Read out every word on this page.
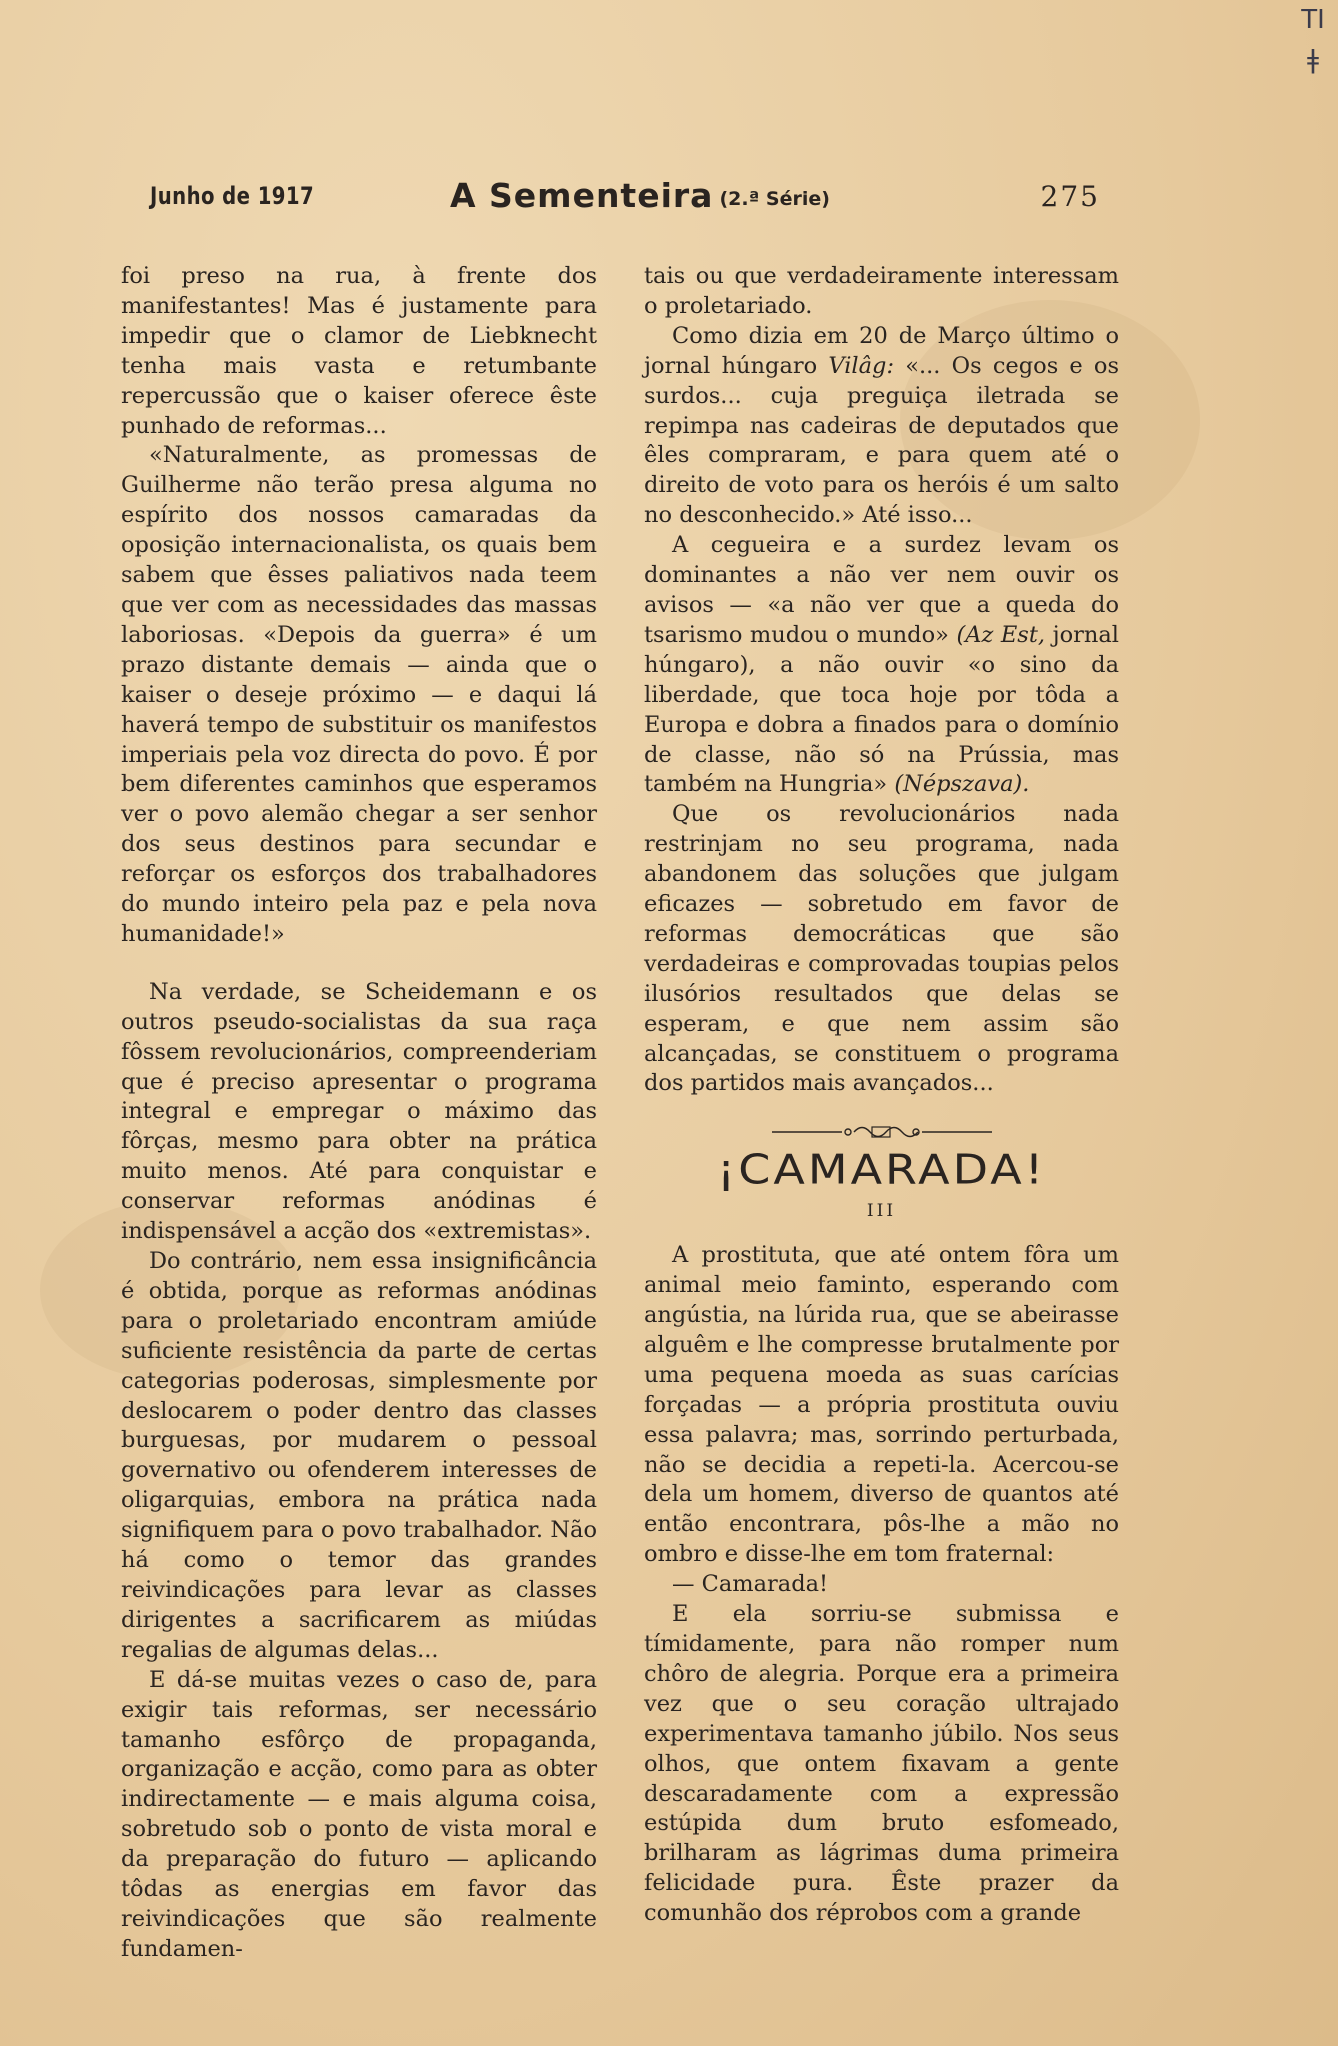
TI
ǂ
Junho de 1917	A Sementeira (2.ª Série)	275

foi preso na rua, à frente dos manifestantes! Mas é justamente para impedir que o clamor de Liebknecht tenha mais vasta e retumbante repercussão que o kaiser oferece êste punhado de reformas...

«Naturalmente, as promessas de Guilherme não terão presa alguma no espírito dos nossos camaradas da oposição internacionalista, os quais bem sabem que êsses paliativos nada teem que ver com as necessidades das massas laboriosas. «Depois da guerra» é um prazo distante demais — ainda que o kaiser o deseje próximo — e daqui lá haverá tempo de substituir os manifestos imperiais pela voz directa do povo. É por bem diferentes caminhos que esperamos ver o povo alemão chegar a ser senhor dos seus destinos para secundar e reforçar os esforços dos trabalhadores do mundo inteiro pela paz e pela nova humanidade!»

Na verdade, se Scheidemann e os outros pseudo-socialistas da sua raça fôssem revolucionários, compreenderiam que é preciso apresentar o programa integral e empregar o máximo das fôrças, mesmo para obter na prática muito menos. Até para conquistar e conservar reformas anódinas é indispensável a acção dos «extremistas».

Do contrário, nem essa insignificância é obtida, porque as reformas anódinas para o proletariado encontram amiúde suficiente resistência da parte de certas categorias poderosas, simplesmente por deslocarem o poder dentro das classes burguesas, por mudarem o pessoal governativo ou ofenderem interesses de oligarquias, embora na prática nada signifiquem para o povo trabalhador. Não há como o temor das grandes reivindicações para levar as classes dirigentes a sacrificarem as miúdas regalias de algumas delas...

E dá-se muitas vezes o caso de, para exigir tais reformas, ser necessário tamanho esfôrço de propaganda, organização e acção, como para as obter indirectamente — e mais alguma coisa, sobretudo sob o ponto de vista moral e da preparação do futuro — aplicando tôdas as energias em favor das reivindicações que são realmente fundamen-

tais ou que verdadeiramente interessam o proletariado.

Como dizia em 20 de Março último o jornal húngaro Vilâg: «... Os cegos e os surdos... cuja preguiça iletrada se repimpa nas cadeiras de deputados que êles compraram, e para quem até o direito de voto para os heróis é um salto no desconhecido.» Até isso...

A cegueira e a surdez levam os dominantes a não ver nem ouvir os avisos — «a não ver que a queda do tsarismo mudou o mundo» (Az Est, jornal húngaro), a não ouvir «o sino da liberdade, que toca hoje por tôda a Europa e dobra a finados para o domínio de classe, não só na Prússia, mas também na Hungria» (Népszava).

Que os revolucionários nada restrinjam no seu programa, nada abandonem das soluções que julgam eficazes — sobretudo em favor de reformas democráticas que são verdadeiras e comprovadas toupias pelos ilusórios resultados que delas se esperam, e que nem assim são alcançadas, se constituem o programa dos partidos mais avançados...

¡CAMARADA!
III

A prostituta, que até ontem fôra um animal meio faminto, esperando com angústia, na lúrida rua, que se abeirasse alguêm e lhe compresse brutalmente por uma pequena moeda as suas carícias forçadas — a própria prostituta ouviu essa palavra; mas, sorrindo perturbada, não se decidia a repeti-la. Acercou-se dela um homem, diverso de quantos até então encontrara, pôs-lhe a mão no ombro e disse-lhe em tom fraternal:

— Camarada!

E ela sorriu-se submissa e tímidamente, para não romper num chôro de alegria. Porque era a primeira vez que o seu coração ultrajado experimentava tamanho júbilo. Nos seus olhos, que ontem fixavam a gente descaradamente com a expressão estúpida dum bruto esfomeado, brilharam as lágrimas duma primeira felicidade pura. Êste prazer da comunhão dos réprobos com a grande
